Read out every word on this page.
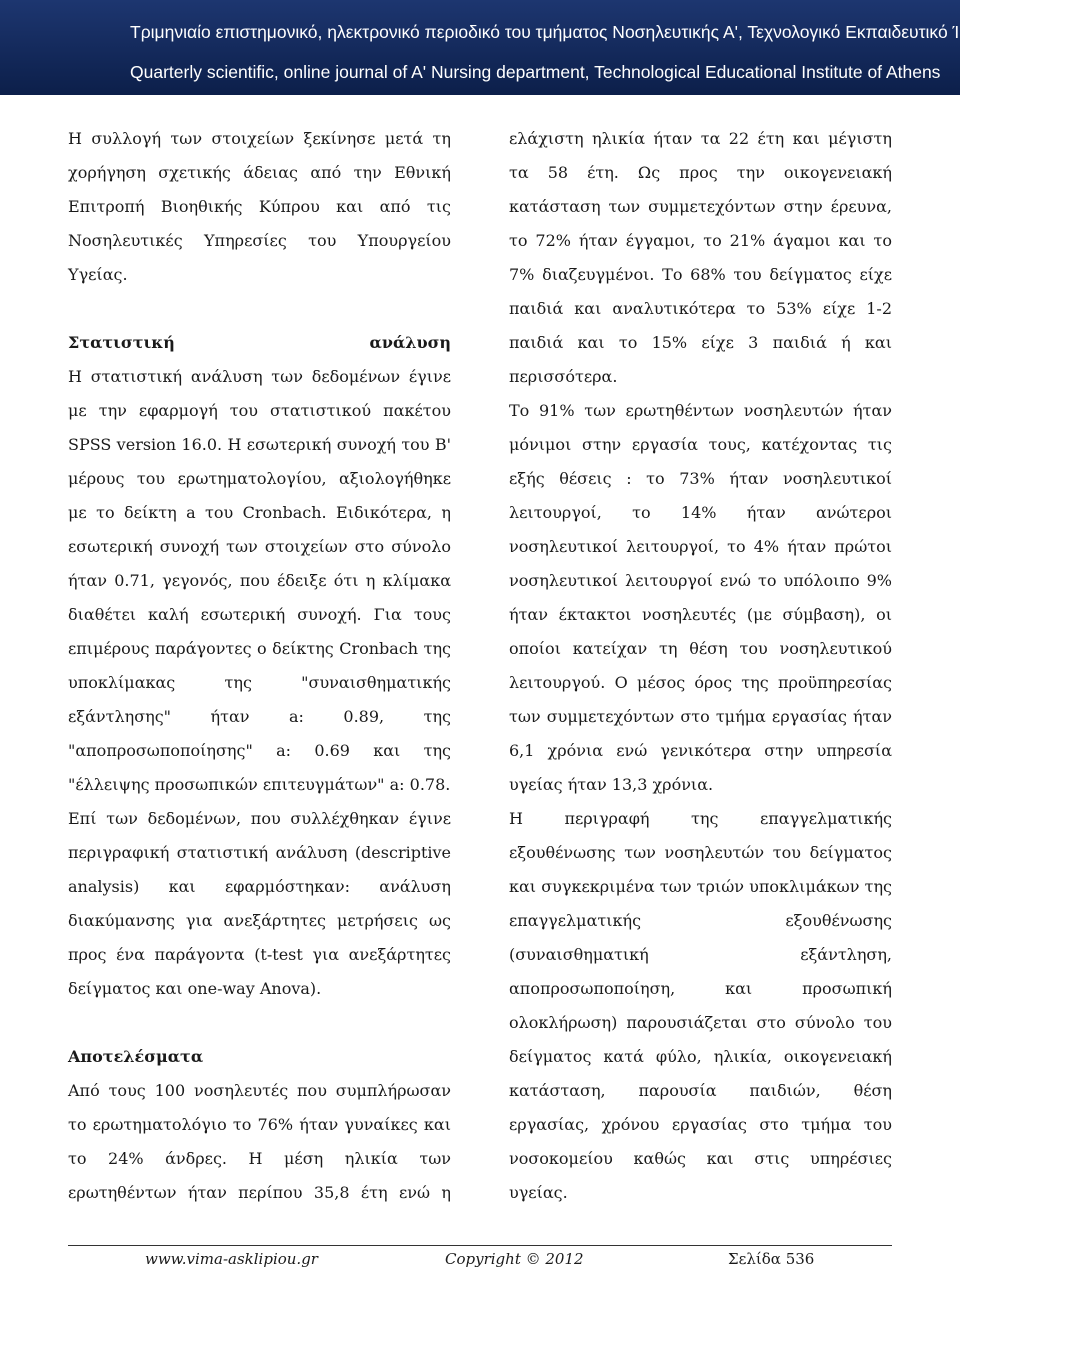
Τριμηνιαίο επιστημονικό, ηλεκτρονικό περιοδικό του τμήματος Νοσηλευτικής Α', Τεχνολογικό Εκπαιδευτικό Ίδρυμα Αθηνών

Quarterly scientific, online journal of A' Nursing department, Technological Educational Institute of Athens

Η συλλογή των στοιχείων ξεκίνησε μετά τη χορήγηση σχετικής άδειας από την Εθνική Επιτροπή Βιοηθικής Κύπρου και από τις Νοσηλευτικές Υπηρεσίες του Υπουργείου Υγείας.

Στατιστική ανάλυση

Η στατιστική ανάλυση των δεδομένων έγινε με την εφαρμογή του στατιστικού πακέτου SPSS version 16.0. Η εσωτερική συνοχή του Β' μέρους του ερωτηματολογίου, αξιολογήθηκε με το δείκτη a του Cronbach. Ειδικότερα, η εσωτερική συνοχή των στοιχείων στο σύνολο ήταν 0.71, γεγονός, που έδειξε ότι η κλίμακα διαθέτει καλή εσωτερική συνοχή. Για τους επιμέρους παράγοντες ο δείκτης Cronbach της υποκλίμακας της "συναισθηματικής εξάντλησης" ήταν a: 0.89, της "αποπροσωποποίησης" a: 0.69 και της "έλλειψης προσωπικών επιτευγμάτων" a: 0.78.

Επί των δεδομένων, που συλλέχθηκαν έγινε περιγραφική στατιστική ανάλυση (descriptive analysis) και εφαρμόστηκαν: ανάλυση διακύμανσης για ανεξάρτητες μετρήσεις ως προς ένα παράγοντα (t-test για ανεξάρτητες δείγματος και one-way Anova).

Αποτελέσματα

Από τους 100 νοσηλευτές που συμπλήρωσαν το ερωτηματολόγιο το 76% ήταν γυναίκες και το 24% άνδρες. Η μέση ηλικία των ερωτηθέντων ήταν περίπου 35,8 έτη ενώ η

ελάχιστη ηλικία ήταν τα 22 έτη και μέγιστη τα 58 έτη. Ως προς την οικογενειακή κατάσταση των συμμετεχόντων στην έρευνα, το 72% ήταν έγγαμοι, το 21% άγαμοι και το 7% διαζευγμένοι. Το 68% του δείγματος είχε παιδιά και αναλυτικότερα το 53% είχε 1-2 παιδιά και το 15% είχε 3 παιδιά ή και περισσότερα.

Το 91% των ερωτηθέντων νοσηλευτών ήταν μόνιμοι στην εργασία τους, κατέχοντας τις εξής θέσεις : το 73% ήταν νοσηλευτικοί λειτουργοί, το 14% ήταν ανώτεροι νοσηλευτικοί λειτουργοί, το 4% ήταν πρώτοι νοσηλευτικοί λειτουργοί ενώ το υπόλοιπο 9% ήταν έκτακτοι νοσηλευτές (με σύμβαση), οι οποίοι κατείχαν τη θέση του νοσηλευτικού λειτουργού. Ο μέσος όρος της προϋπηρεσίας των συμμετεχόντων στο τμήμα εργασίας ήταν 6,1 χρόνια ενώ γενικότερα στην υπηρεσία υγείας ήταν 13,3 χρόνια.

Η περιγραφή της επαγγελματικής εξουθένωσης των νοσηλευτών του δείγματος και συγκεκριμένα των τριών υποκλιμάκων της επαγγελματικής εξουθένωσης (συναισθηματική εξάντληση, αποπροσωποποίηση, και προσωπική ολοκλήρωση) παρουσιάζεται στο σύνολο του δείγματος κατά φύλο, ηλικία, οικογενειακή κατάσταση, παρουσία παιδιών, θέση εργασίας, χρόνου εργασίας στο τμήμα του νοσοκομείου καθώς και στις υπηρέσιες υγείας.

www.vima-asklipiou.gr	Copyright © 2012	Σελίδα 536
